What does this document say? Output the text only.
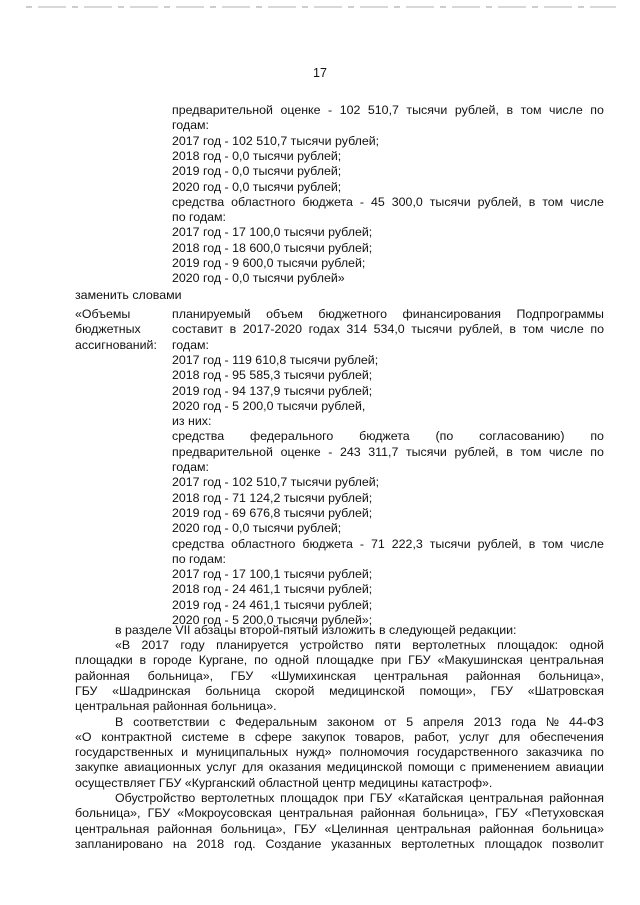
17
предварительной оценке - 102 510,7 тысячи рублей, в том числе по
годам:
2017 год - 102 510,7 тысячи рублей;
2018 год - 0,0 тысячи рублей;
2019 год - 0,0 тысячи рублей;
2020 год - 0,0 тысячи рублей;
средства областного бюджета - 45 300,0 тысячи рублей, в том числе
по годам:
2017 год - 17 100,0 тысячи рублей;
2018 год - 18 600,0 тысячи рублей;
2019 год - 9 600,0 тысячи рублей;
2020 год - 0,0 тысячи рублей»
заменить словами
«Объемы
бюджетных
ассигнований:
планируемый объем бюджетного финансирования Подпрограммы
составит в 2017-2020 годах 314 534,0 тысячи рублей, в том числе по
годам:
2017 год - 119 610,8 тысячи рублей;
2018 год - 95 585,3 тысячи рублей;
2019 год - 94 137,9 тысячи рублей;
2020 год - 5 200,0 тысячи рублей,
из них:
средства федерального бюджета (по согласованию) по
предварительной оценке - 243 311,7 тысячи рублей, в том числе по
годам:
2017 год - 102 510,7 тысячи рублей;
2018 год - 71 124,2 тысячи рублей;
2019 год - 69 676,8 тысячи рублей;
2020 год - 0,0 тысячи рублей;
средства областного бюджета - 71 222,3 тысячи рублей, в том числе
по годам:
2017 год - 17 100,1 тысячи рублей;
2018 год - 24 461,1 тысячи рублей;
2019 год - 24 461,1 тысячи рублей;
2020 год - 5 200,0 тысячи рублей»;
в разделе VII абзацы второй-пятый изложить в следующей редакции:
«В 2017 году планируется устройство пяти вертолетных площадок: одной
площадки в городе Кургане, по одной площадке при ГБУ «Макушинская центральная
районная больница», ГБУ «Шумихинская центральная районная больница»,
ГБУ «Шадринская больница скорой медицинской помощи», ГБУ «Шатровская
центральная районная больница».
В соответствии с Федеральным законом от 5 апреля 2013 года № 44-ФЗ
«О контрактной системе в сфере закупок товаров, работ, услуг для обеспечения
государственных и муниципальных нужд» полномочия государственного заказчика по
закупке авиационных услуг для оказания медицинской помощи с применением авиации
осуществляет ГБУ «Курганский областной центр медицины катастроф».
Обустройство вертолетных площадок при ГБУ «Катайская центральная районная
больница», ГБУ «Мокроусовская центральная районная больница», ГБУ «Петуховская
центральная районная больница», ГБУ «Целинная центральная районная больница»
запланировано на 2018 год. Создание указанных вертолетных площадок позволит
